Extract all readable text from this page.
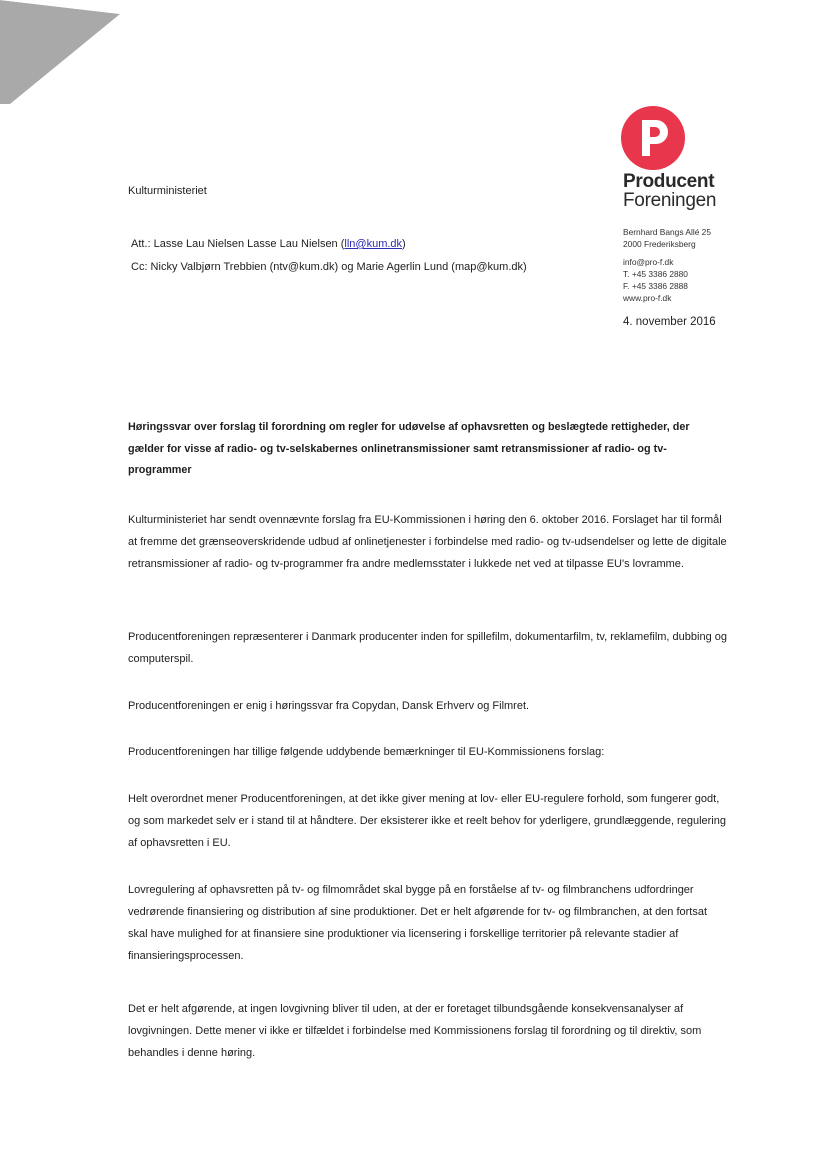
Producent
Foreningen
Bernhard Bangs Allé 25
2000 Frederiksberg
info@pro-f.dk
T. +45 3386 2880
F. +45 3386 2888
www.pro-f.dk
4. november 2016
Kulturministeriet
Att.: Lasse Lau Nielsen Lasse Lau Nielsen (lln@kum.dk)
Cc: Nicky Valbjørn Trebbien (ntv@kum.dk) og Marie Agerlin Lund (map@kum.dk)
Høringssvar over forslag til forordning om regler for udøvelse af ophavsretten og beslægtede rettigheder, der gælder for visse af radio- og tv-selskabernes onlinetransmissioner samt retransmissioner af radio- og tv-programmer
Kulturministeriet har sendt ovennævnte forslag fra EU-Kommissionen i høring den 6. oktober 2016. Forslaget har til formål at fremme det grænseoverskridende udbud af onlinetjenester i forbindelse med radio- og tv-udsendelser og lette de digitale retransmissioner af radio- og tv-programmer fra andre medlemsstater i lukkede net ved at tilpasse EU's lovramme.
Producentforeningen repræsenterer i Danmark producenter inden for spillefilm, dokumentarfilm, tv, reklamefilm, dubbing og computerspil.
Producentforeningen er enig i høringssvar fra Copydan, Dansk Erhverv og Filmret.
Producentforeningen har tillige følgende uddybende bemærkninger til EU-Kommissionens forslag:
Helt overordnet mener Producentforeningen, at det ikke giver mening at lov- eller EU-regulere forhold, som fungerer godt, og som markedet selv er i stand til at håndtere. Der eksisterer ikke et reelt behov for yderligere, grundlæggende, regulering af ophavsretten i EU.
Lovregulering af ophavsretten på tv- og filmområdet skal bygge på en forståelse af tv- og filmbranchens udfordringer vedrørende finansiering og distribution af sine produktioner. Det er helt afgørende for tv- og filmbranchen, at den fortsat skal have mulighed for at finansiere sine produktioner via licensering i forskellige territorier på relevante stadier af finansieringsprocessen.
Det er helt afgørende, at ingen lovgivning bliver til uden, at der er foretaget tilbundsgående konsekvensanalyser af lovgivningen. Dette mener vi ikke er tilfældet i forbindelse med Kommissionens forslag til forordning og til direktiv, som behandles i denne høring.
